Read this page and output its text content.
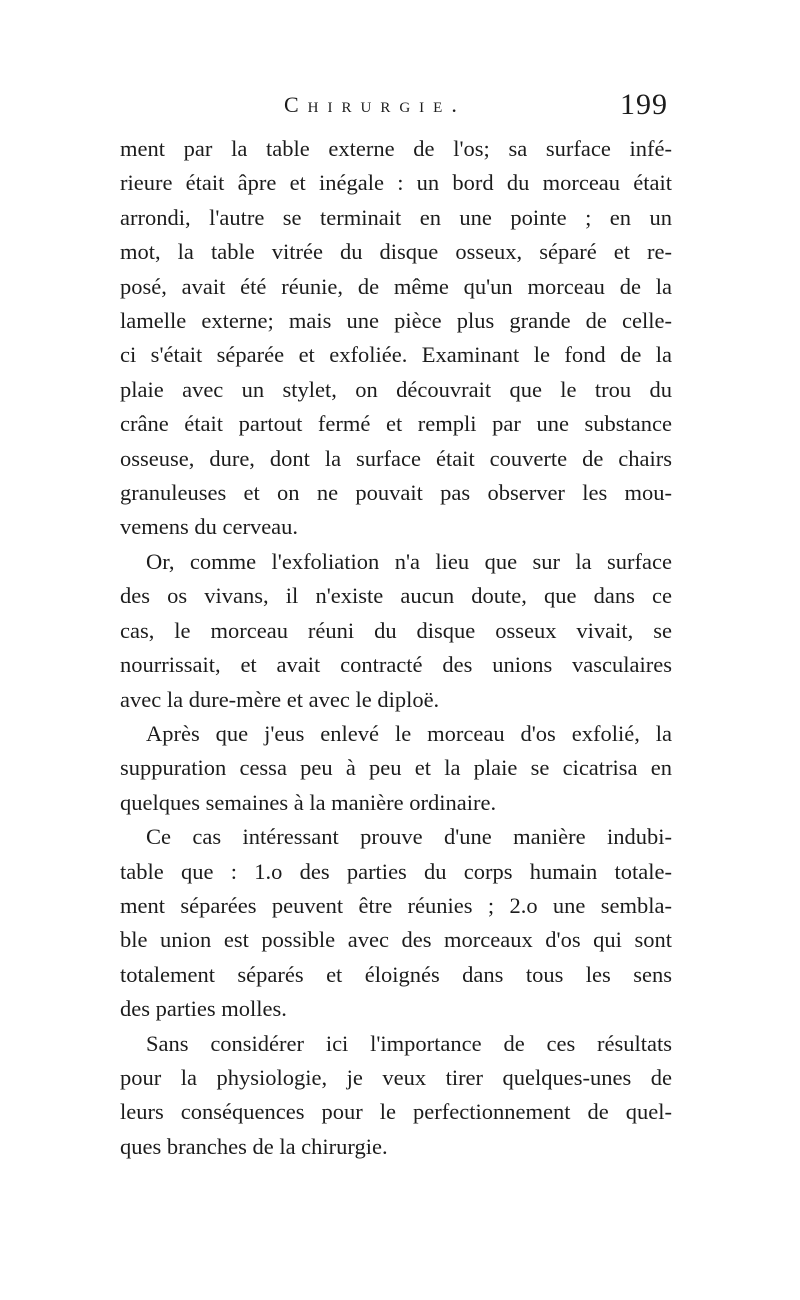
Chirurgie.	199

ment par la table externe de l'os; sa surface infé-
rieure était âpre et inégale : un bord du morceau était
arrondi, l'autre se terminait en une pointe ; en un
mot, la table vitrée du disque osseux, séparé et re-
posé, avait été réunie, de même qu'un morceau de la
lamelle externe; mais une pièce plus grande de celle-
ci s'était séparée et exfoliée. Examinant le fond de la
plaie avec un stylet, on découvrait que le trou du
crâne était partout fermé et rempli par une substance
osseuse, dure, dont la surface était couverte de chairs
granuleuses et on ne pouvait pas observer les mou-
vemens du cerveau.

Or, comme l'exfoliation n'a lieu que sur la surface
des os vivans, il n'existe aucun doute, que dans ce
cas, le morceau réuni du disque osseux vivait, se
nourrissait, et avait contracté des unions vasculaires
avec la dure-mère et avec le diploë.

Après que j'eus enlevé le morceau d'os exfolié, la
suppuration cessa peu à peu et la plaie se cicatrisa en
quelques semaines à la manière ordinaire.

Ce cas intéressant prouve d'une manière indubi-
table que : 1.o des parties du corps humain totale-
ment séparées peuvent être réunies ; 2.o une sembla-
ble union est possible avec des morceaux d'os qui sont
totalement séparés et éloignés dans tous les sens
des parties molles.

Sans considérer ici l'importance de ces résultats
pour la physiologie, je veux tirer quelques-unes de
leurs conséquences pour le perfectionnement de quel-
ques branches de la chirurgie.
